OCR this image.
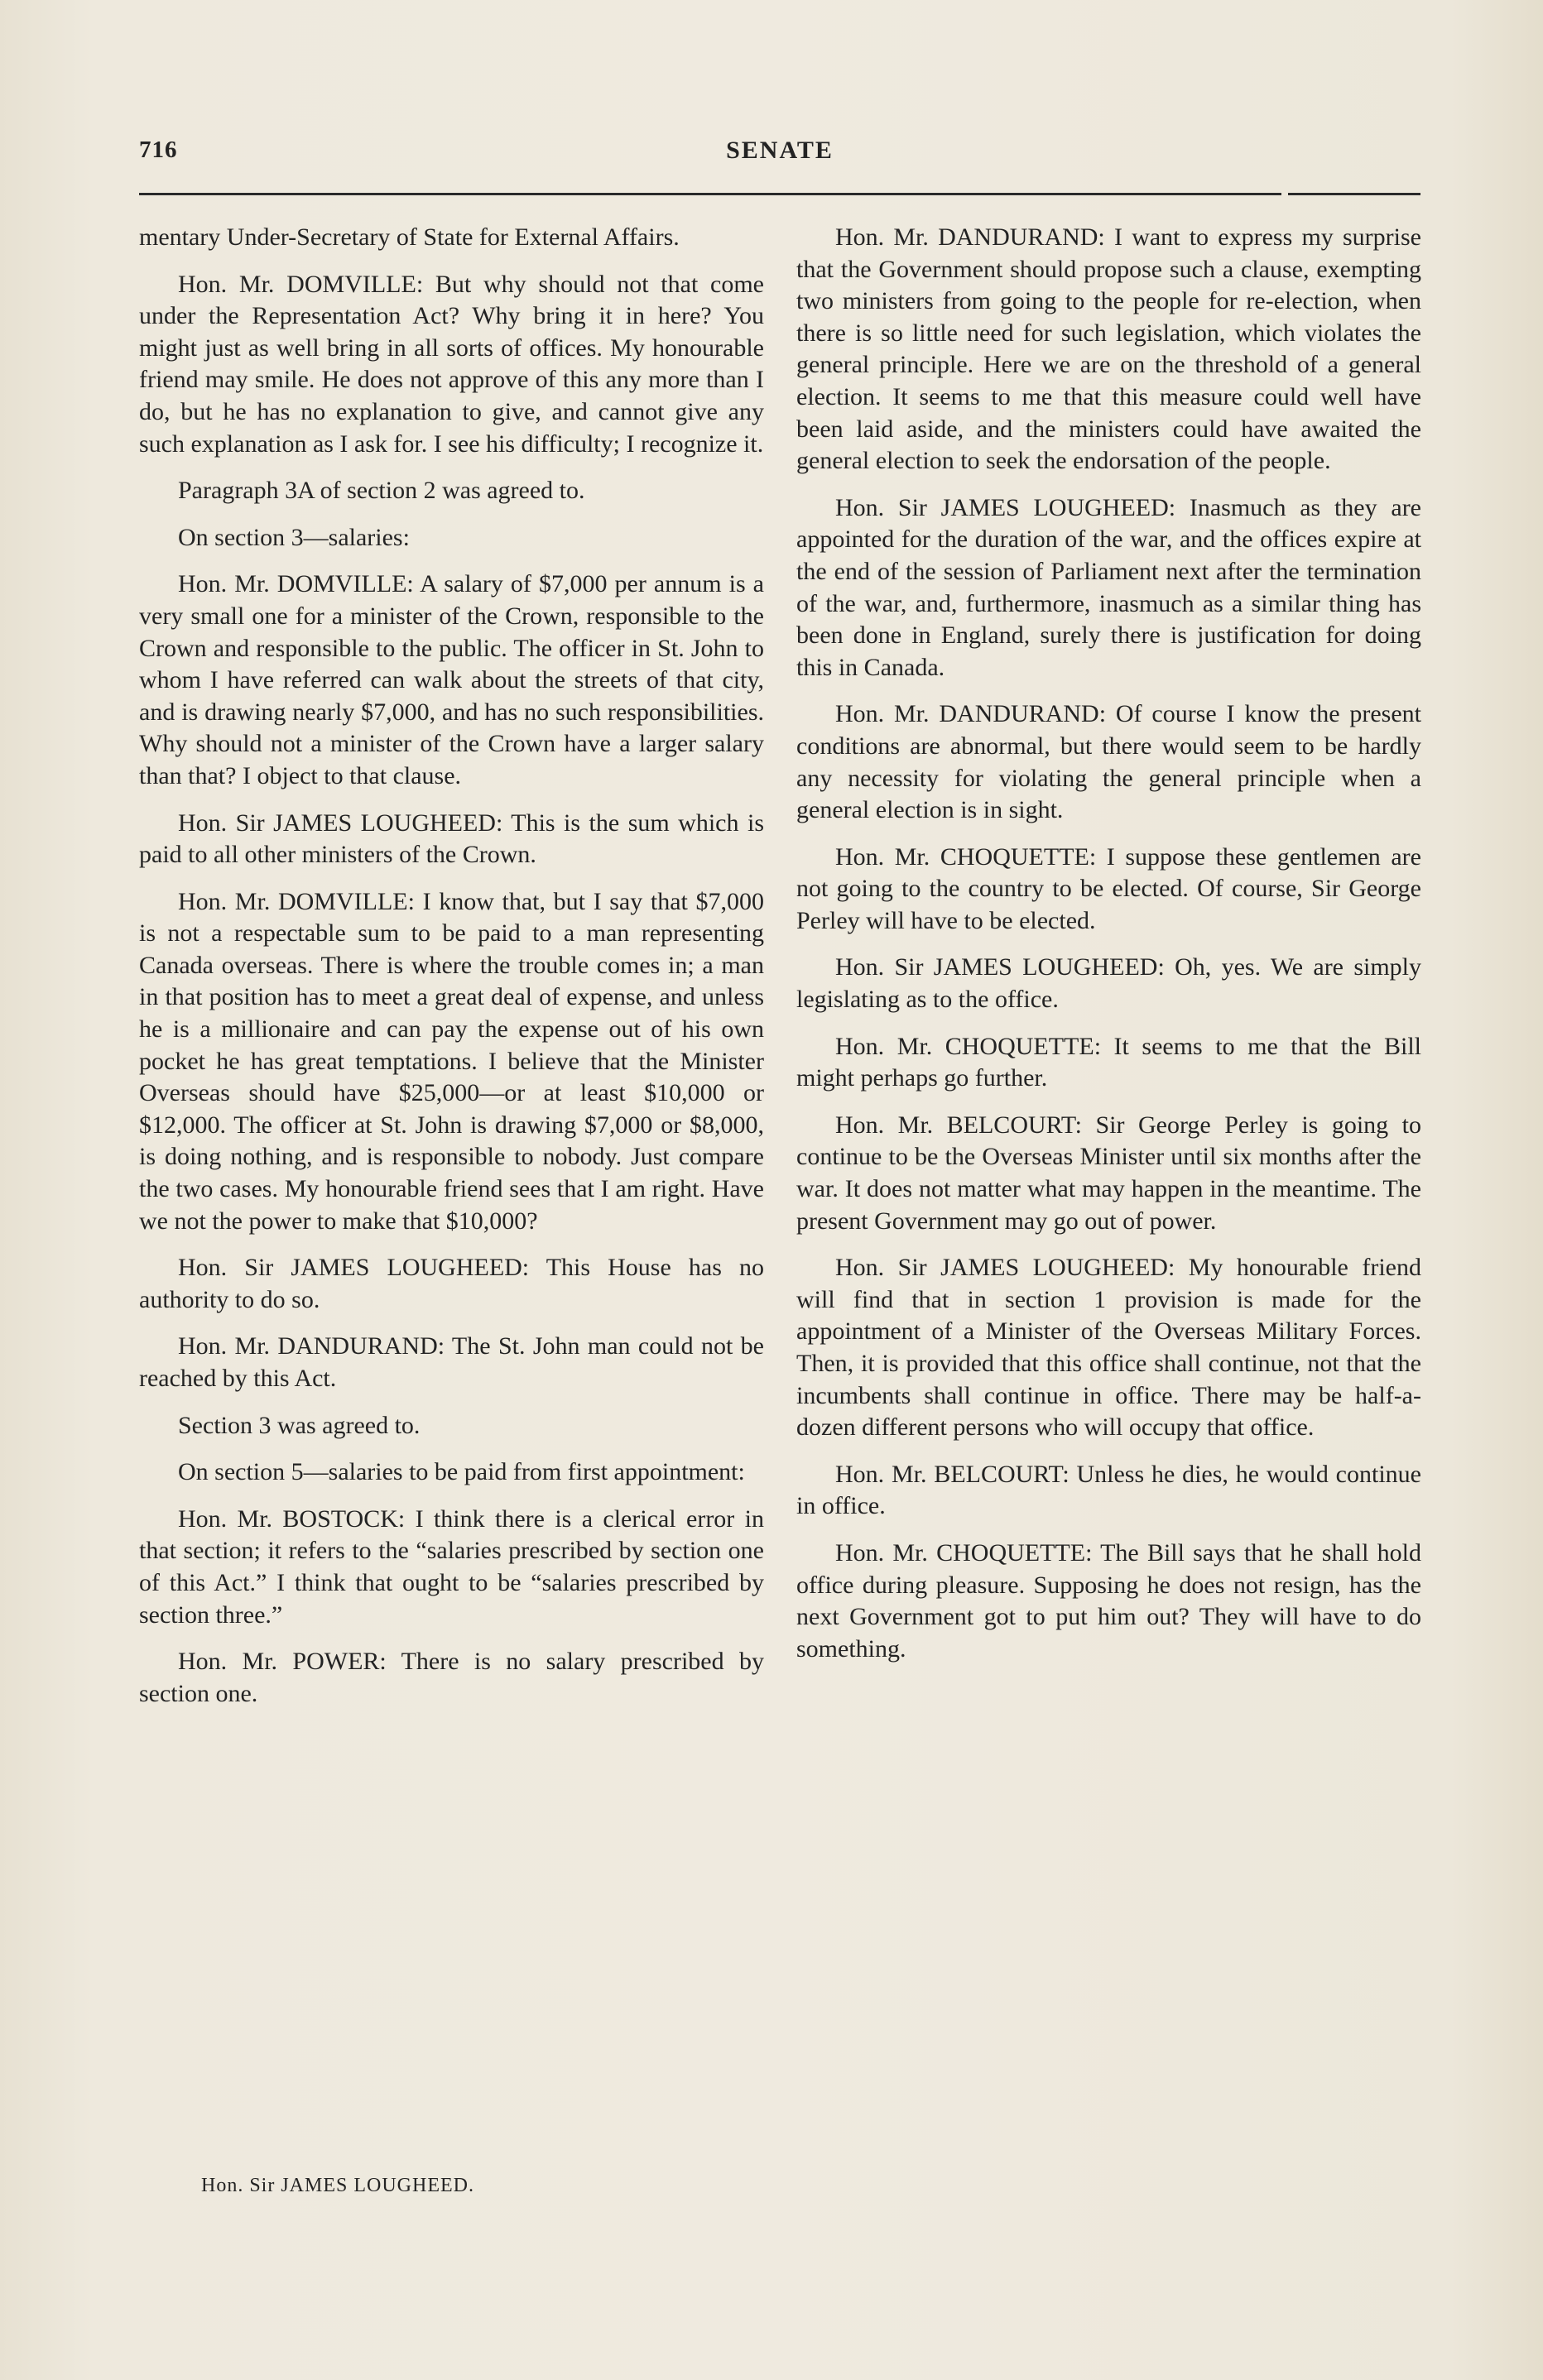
716	SENATE

mentary Under-Secretary of State for External Affairs.

Hon. Mr. DOMVILLE: But why should not that come under the Representation Act? Why bring it in here? You might just as well bring in all sorts of offices. My honourable friend may smile. He does not approve of this any more than I do, but he has no explanation to give, and cannot give any such explanation as I ask for. I see his difficulty; I recognize it.

Paragraph 3A of section 2 was agreed to.

On section 3—salaries:

Hon. Mr. DOMVILLE: A salary of $7,000 per annum is a very small one for a minister of the Crown, responsible to the Crown and responsible to the public. The officer in St. John to whom I have referred can walk about the streets of that city, and is drawing nearly $7,000, and has no such responsibilities. Why should not a minister of the Crown have a larger salary than that? I object to that clause.

Hon. Sir JAMES LOUGHEED: This is the sum which is paid to all other ministers of the Crown.

Hon. Mr. DOMVILLE: I know that, but I say that $7,000 is not a respectable sum to be paid to a man representing Canada overseas. There is where the trouble comes in; a man in that position has to meet a great deal of expense, and unless he is a millionaire and can pay the expense out of his own pocket he has great temptations. I believe that the Minister Overseas should have $25,000—or at least $10,000 or $12,000. The officer at St. John is drawing $7,000 or $8,000, is doing nothing, and is responsible to nobody. Just compare the two cases. My honourable friend sees that I am right. Have we not the power to make that $10,000?

Hon. Sir JAMES LOUGHEED: This House has no authority to do so.

Hon. Mr. DANDURAND: The St. John man could not be reached by this Act.

Section 3 was agreed to.

On section 5—salaries to be paid from first appointment:

Hon. Mr. BOSTOCK: I think there is a clerical error in that section; it refers to the “salaries prescribed by section one of this Act.” I think that ought to be “salaries prescribed by section three.”

Hon. Mr. POWER: There is no salary prescribed by section one.

Hon. Mr. DANDURAND: I want to express my surprise that the Government should propose such a clause, exempting two ministers from going to the people for re-election, when there is so little need for such legislation, which violates the general principle. Here we are on the threshold of a general election. It seems to me that this measure could well have been laid aside, and the ministers could have awaited the general election to seek the endorsation of the people.

Hon. Sir JAMES LOUGHEED: Inasmuch as they are appointed for the duration of the war, and the offices expire at the end of the session of Parliament next after the termination of the war, and, furthermore, inasmuch as a similar thing has been done in England, surely there is justification for doing this in Canada.

Hon. Mr. DANDURAND: Of course I know the present conditions are abnormal, but there would seem to be hardly any necessity for violating the general principle when a general election is in sight.

Hon. Mr. CHOQUETTE: I suppose these gentlemen are not going to the country to be elected. Of course, Sir George Perley will have to be elected.

Hon. Sir JAMES LOUGHEED: Oh, yes. We are simply legislating as to the office.

Hon. Mr. CHOQUETTE: It seems to me that the Bill might perhaps go further.

Hon. Mr. BELCOURT: Sir George Perley is going to continue to be the Overseas Minister until six months after the war. It does not matter what may happen in the meantime. The present Government may go out of power.

Hon. Sir JAMES LOUGHEED: My honourable friend will find that in section 1 provision is made for the appointment of a Minister of the Overseas Military Forces. Then, it is provided that this office shall continue, not that the incumbents shall continue in office. There may be half-a-dozen different persons who will occupy that office.

Hon. Mr. BELCOURT: Unless he dies, he would continue in office.

Hon. Mr. CHOQUETTE: The Bill says that he shall hold office during pleasure. Supposing he does not resign, has the next Government got to put him out? They will have to do something.

Hon. Sir JAMES LOUGHEED.
